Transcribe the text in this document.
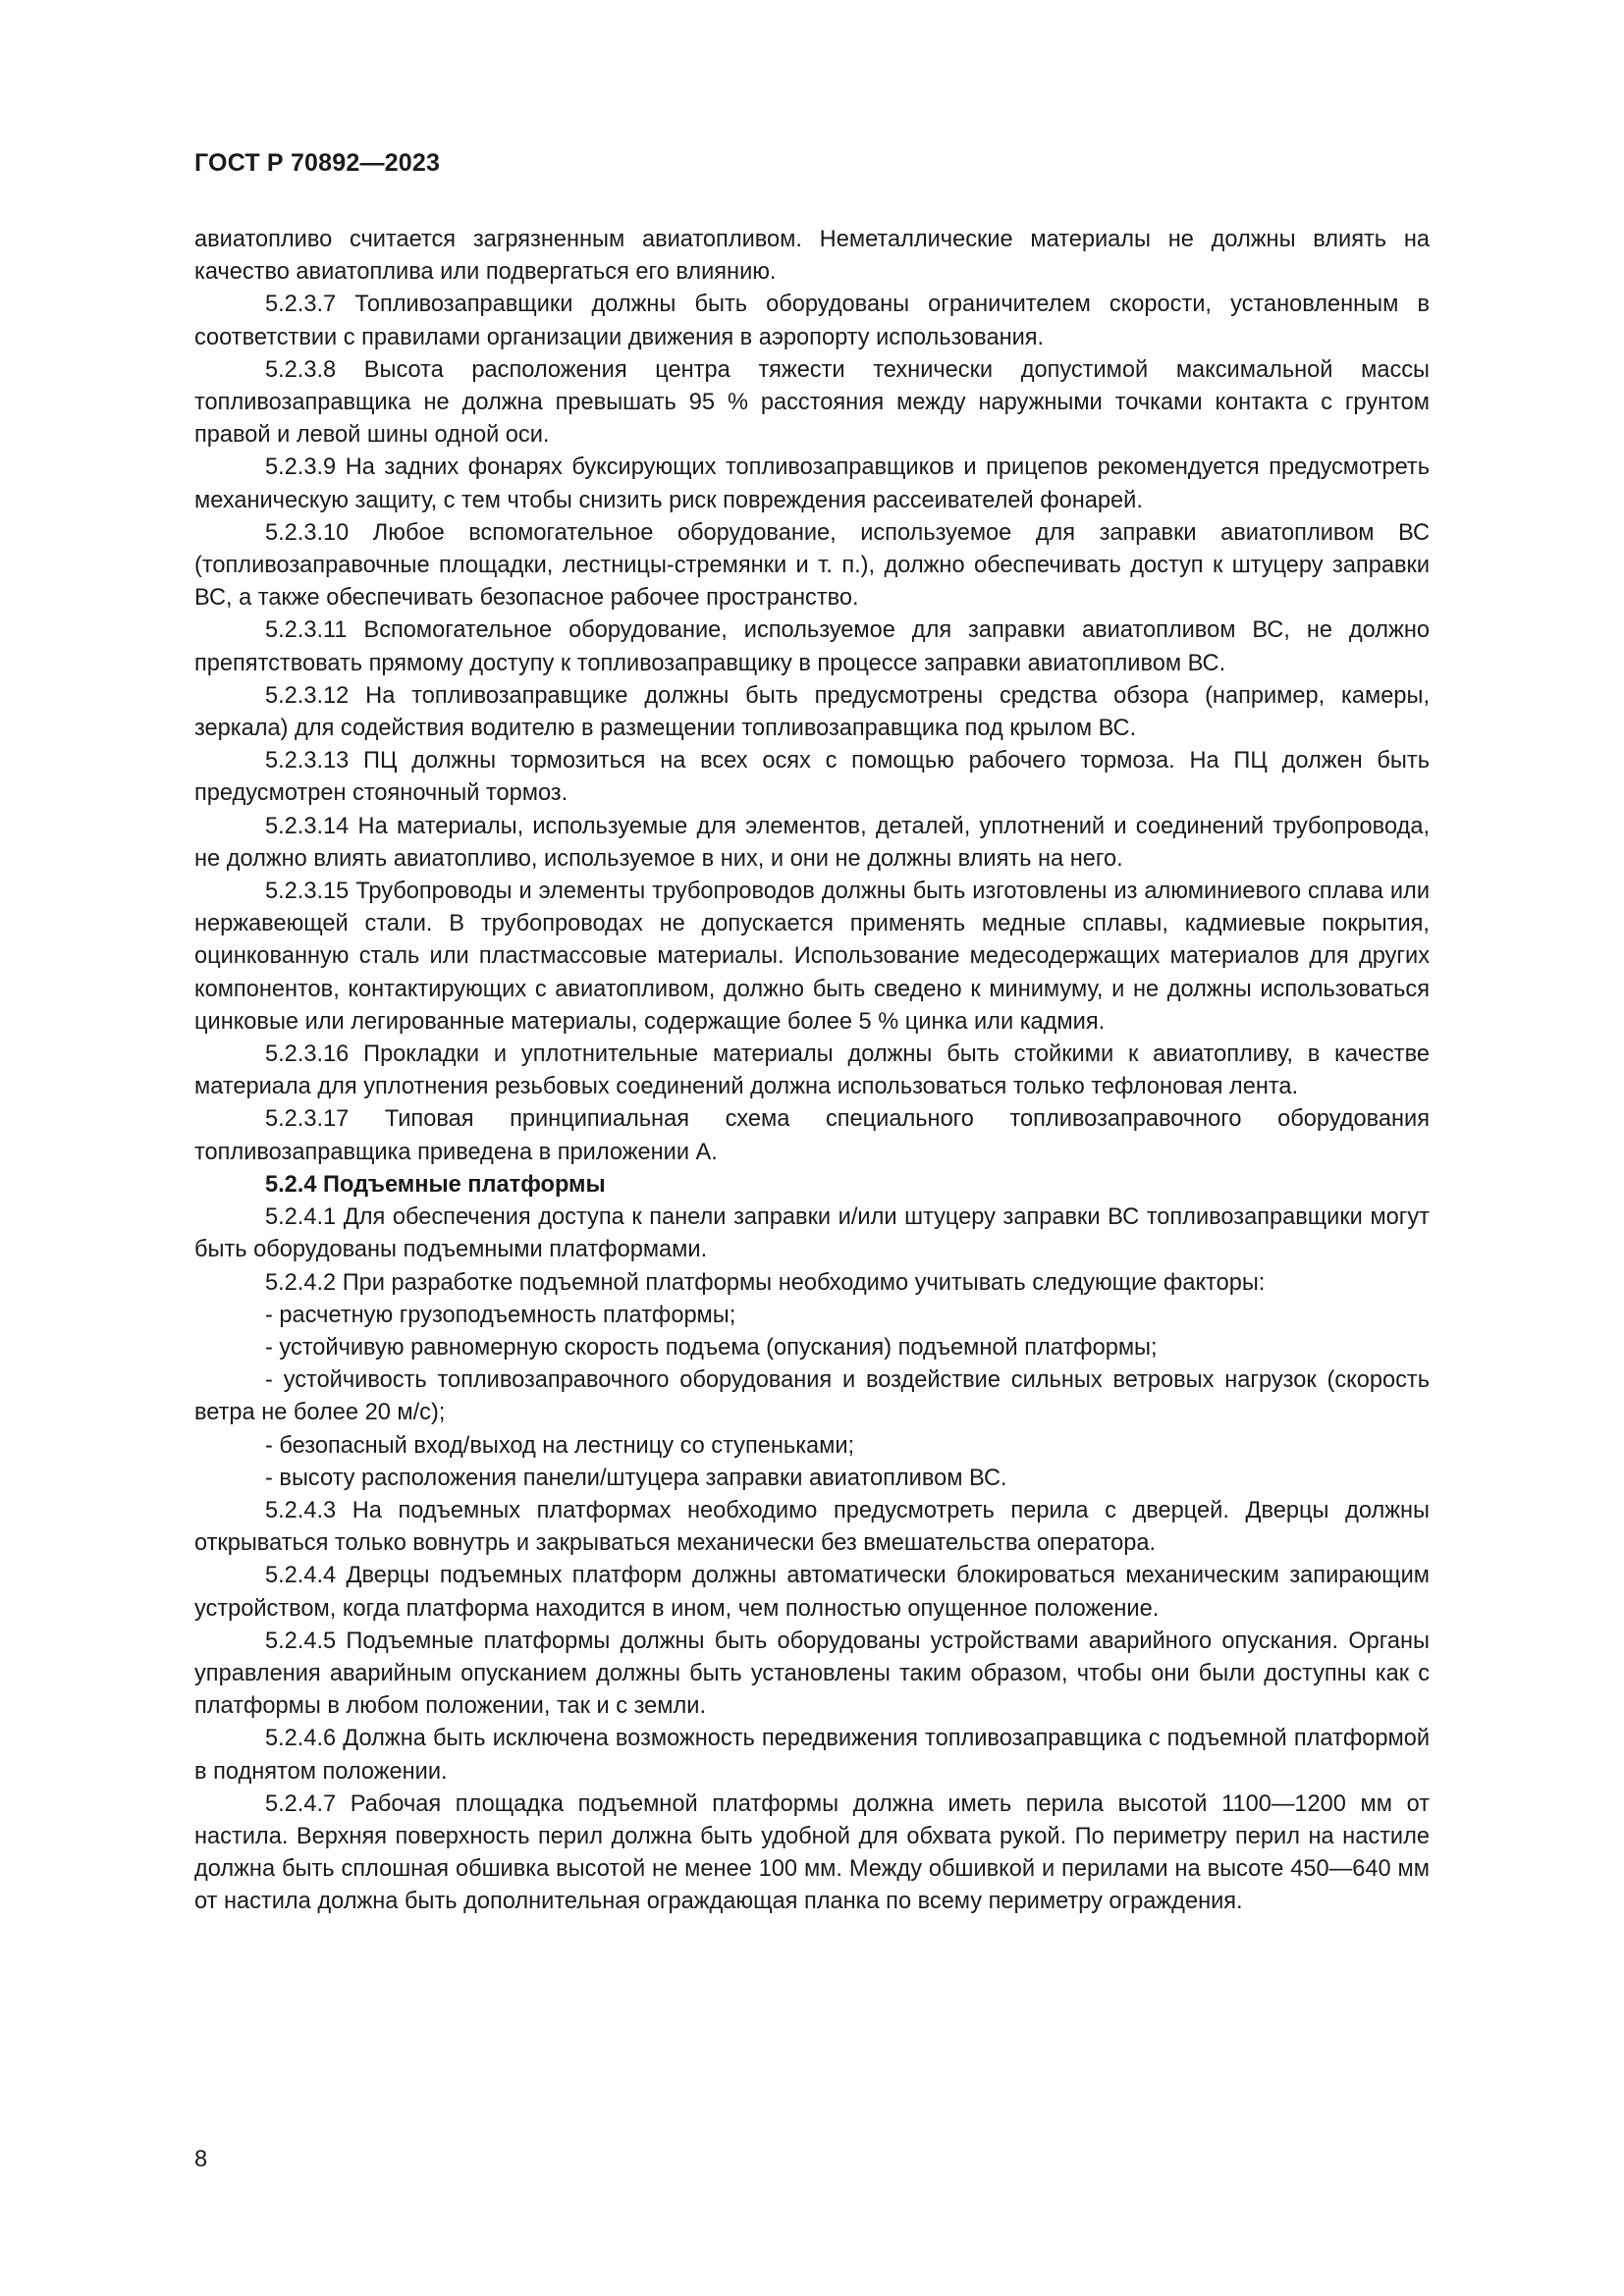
ГОСТ Р 70892—2023

авиатопливо считается загрязненным авиатопливом. Неметаллические материалы не должны влиять на качество авиатоплива или подвергаться его влиянию.

5.2.3.7 Топливозаправщики должны быть оборудованы ограничителем скорости, установленным в соответствии с правилами организации движения в аэропорту использования.

5.2.3.8 Высота расположения центра тяжести технически допустимой максимальной массы топливозаправщика не должна превышать 95 % расстояния между наружными точками контакта с грунтом правой и левой шины одной оси.

5.2.3.9 На задних фонарях буксирующих топливозаправщиков и прицепов рекомендуется предусмотреть механическую защиту, с тем чтобы снизить риск повреждения рассеивателей фонарей.

5.2.3.10 Любое вспомогательное оборудование, используемое для заправки авиатопливом ВС (топливозаправочные площадки, лестницы-стремянки и т. п.), должно обеспечивать доступ к штуцеру заправки ВС, а также обеспечивать безопасное рабочее пространство.

5.2.3.11 Вспомогательное оборудование, используемое для заправки авиатопливом ВС, не должно препятствовать прямому доступу к топливозаправщику в процессе заправки авиатопливом ВС.

5.2.3.12 На топливозаправщике должны быть предусмотрены средства обзора (например, камеры, зеркала) для содействия водителю в размещении топливозаправщика под крылом ВС.

5.2.3.13 ПЦ должны тормозиться на всех осях с помощью рабочего тормоза. На ПЦ должен быть предусмотрен стояночный тормоз.

5.2.3.14 На материалы, используемые для элементов, деталей, уплотнений и соединений трубопровода, не должно влиять авиатопливо, используемое в них, и они не должны влиять на него.

5.2.3.15 Трубопроводы и элементы трубопроводов должны быть изготовлены из алюминиевого сплава или нержавеющей стали. В трубопроводах не допускается применять медные сплавы, кадмиевые покрытия, оцинкованную сталь или пластмассовые материалы. Использование медесодержащих материалов для других компонентов, контактирующих с авиатопливом, должно быть сведено к минимуму, и не должны использоваться цинковые или легированные материалы, содержащие более 5 % цинка или кадмия.

5.2.3.16 Прокладки и уплотнительные материалы должны быть стойкими к авиатопливу, в качестве материала для уплотнения резьбовых соединений должна использоваться только тефлоновая лента.

5.2.3.17 Типовая принципиальная схема специального топливозаправочного оборудования топливозаправщика приведена в приложении А.

5.2.4 Подъемные платформы

5.2.4.1 Для обеспечения доступа к панели заправки и/или штуцеру заправки ВС топливозаправщики могут быть оборудованы подъемными платформами.

5.2.4.2 При разработке подъемной платформы необходимо учитывать следующие факторы:

- расчетную грузоподъемность платформы;

- устойчивую равномерную скорость подъема (опускания) подъемной платформы;

- устойчивость топливозаправочного оборудования и воздействие сильных ветровых нагрузок (скорость ветра не более 20 м/с);

- безопасный вход/выход на лестницу со ступеньками;

- высоту расположения панели/штуцера заправки авиатопливом ВС.

5.2.4.3 На подъемных платформах необходимо предусмотреть перила с дверцей. Дверцы должны открываться только вовнутрь и закрываться механически без вмешательства оператора.

5.2.4.4 Дверцы подъемных платформ должны автоматически блокироваться механическим запирающим устройством, когда платформа находится в ином, чем полностью опущенное положение.

5.2.4.5 Подъемные платформы должны быть оборудованы устройствами аварийного опускания. Органы управления аварийным опусканием должны быть установлены таким образом, чтобы они были доступны как с платформы в любом положении, так и с земли.

5.2.4.6 Должна быть исключена возможность передвижения топливозаправщика с подъемной платформой в поднятом положении.

5.2.4.7 Рабочая площадка подъемной платформы должна иметь перила высотой 1100—1200 мм от настила. Верхняя поверхность перил должна быть удобной для обхвата рукой. По периметру перил на настиле должна быть сплошная обшивка высотой не менее 100 мм. Между обшивкой и перилами на высоте 450—640 мм от настила должна быть дополнительная ограждающая планка по всему периметру ограждения.

8
